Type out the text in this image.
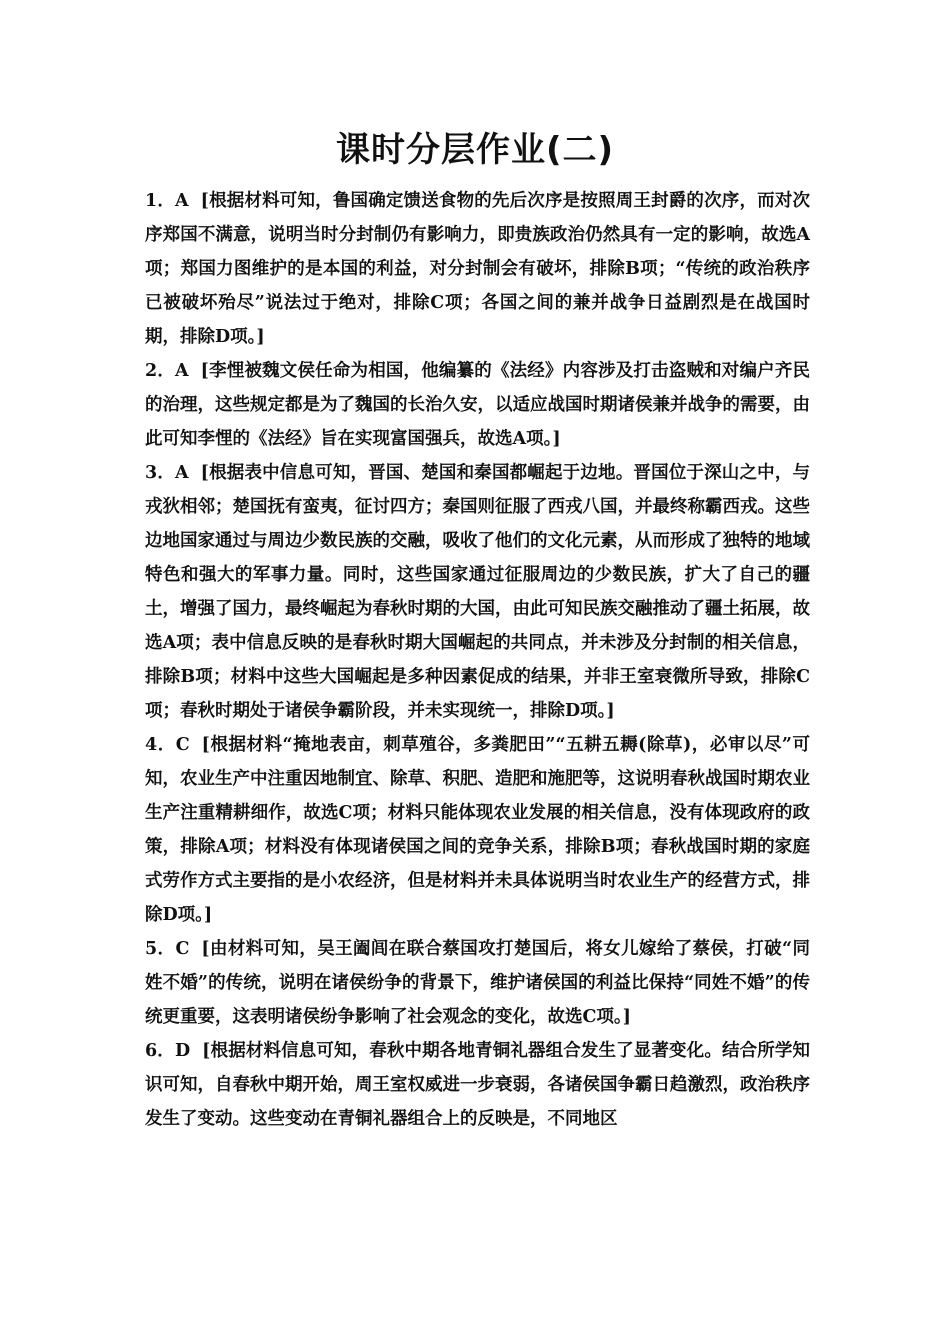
课时分层作业(二)

1．A [根据材料可知，鲁国确定馈送食物的先后次序是按照周王封爵的次序，而对次序郑国不满意，说明当时分封制仍有影响力，即贵族政治仍然具有一定的影响，故选A项；郑国力图维护的是本国的利益，对分封制会有破坏，排除B项；“传统的政治秩序已被破坏殆尽”说法过于绝对，排除C项；各国之间的兼并战争日益剧烈是在战国时期，排除D项。]

2．A [李悝被魏文侯任命为相国，他编纂的《法经》内容涉及打击盗贼和对编户齐民的治理，这些规定都是为了魏国的长治久安，以适应战国时期诸侯兼并战争的需要，由此可知李悝的《法经》旨在实现富国强兵，故选A项。]

3．A [根据表中信息可知，晋国、楚国和秦国都崛起于边地。晋国位于深山之中，与戎狄相邻；楚国抚有蛮夷，征讨四方；秦国则征服了西戎八国，并最终称霸西戎。这些边地国家通过与周边少数民族的交融，吸收了他们的文化元素，从而形成了独特的地域特色和强大的军事力量。同时，这些国家通过征服周边的少数民族，扩大了自己的疆土，增强了国力，最终崛起为春秋时期的大国，由此可知民族交融推动了疆土拓展，故选A项；表中信息反映的是春秋时期大国崛起的共同点，并未涉及分封制的相关信息，排除B项；材料中这些大国崛起是多种因素促成的结果，并非王室衰微所导致，排除C项；春秋时期处于诸侯争霸阶段，并未实现统一，排除D项。]

4．C [根据材料“掩地表亩，刺草殖谷，多粪肥田”“五耕五耨(除草)，必审以尽”可知，农业生产中注重因地制宜、除草、积肥、造肥和施肥等，这说明春秋战国时期农业生产注重精耕细作，故选C项；材料只能体现农业发展的相关信息，没有体现政府的政策，排除A项；材料没有体现诸侯国之间的竞争关系，排除B项；春秋战国时期的家庭式劳作方式主要指的是小农经济，但是材料并未具体说明当时农业生产的经营方式，排除D项。]

5．C [由材料可知，吴王阖闾在联合蔡国攻打楚国后，将女儿嫁给了蔡侯，打破“同姓不婚”的传统，说明在诸侯纷争的背景下，维护诸侯国的利益比保持“同姓不婚”的传统更重要，这表明诸侯纷争影响了社会观念的变化，故选C项。]

6．D [根据材料信息可知，春秋中期各地青铜礼器组合发生了显著变化。结合所学知识可知，自春秋中期开始，周王室权威进一步衰弱，各诸侯国争霸日趋激烈，政治秩序发生了变动。这些变动在青铜礼器组合上的反映是，不同地区
